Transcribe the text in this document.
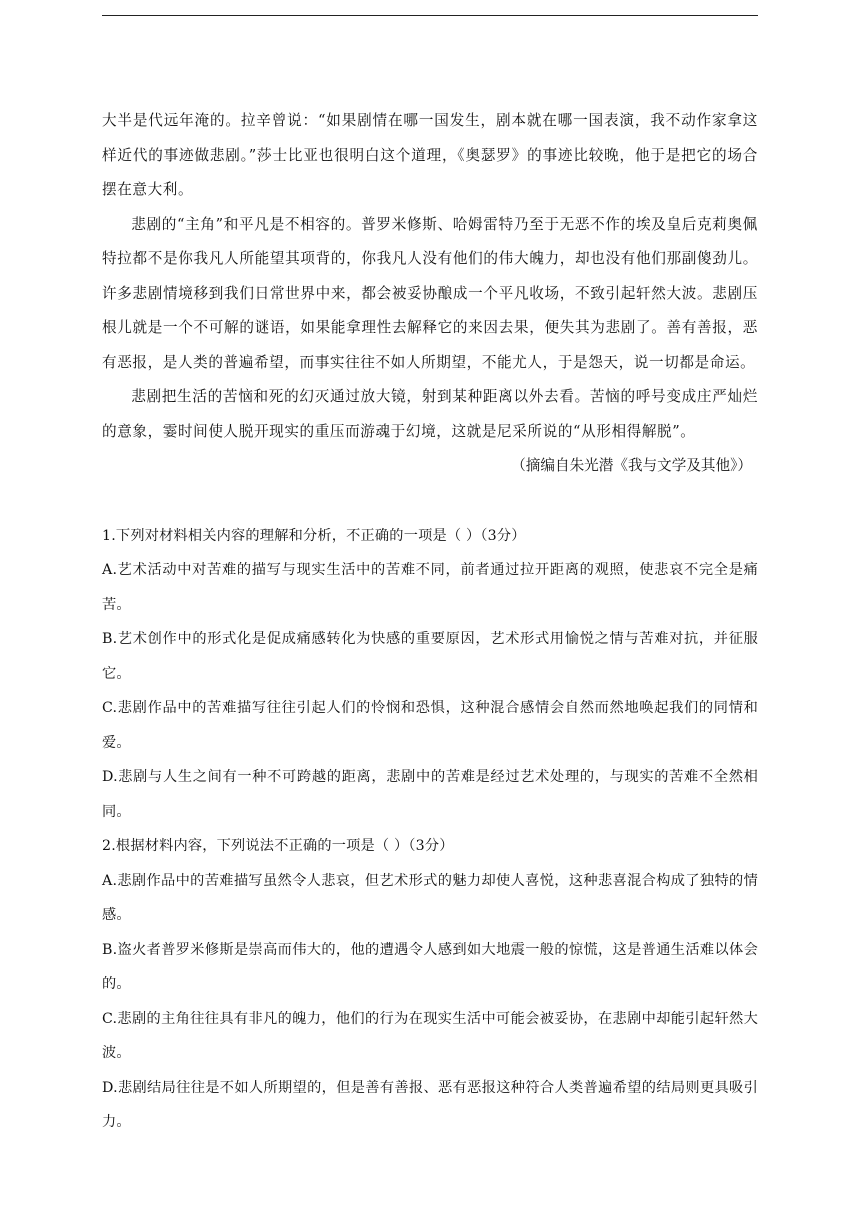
大半是代远年淹的。拉辛曾说：“如果剧情在哪一国发生，剧本就在哪一国表演，我不动作家拿这样近代的事迹做悲剧。”莎士比亚也很明白这个道理，《奥瑟罗》的事迹比较晚，他于是把它的场合摆在意大利。

悲剧的“主角”和平凡是不相容的。普罗米修斯、哈姆雷特乃至于无恶不作的埃及皇后克莉奥佩特拉都不是你我凡人所能望其项背的，你我凡人没有他们的伟大魄力，却也没有他们那副傻劲儿。许多悲剧情境移到我们日常世界中来，都会被妥协酿成一个平凡收场，不致引起轩然大波。悲剧压根儿就是一个不可解的谜语，如果能拿理性去解释它的来因去果，便失其为悲剧了。善有善报，恶有恶报，是人类的普遍希望，而事实往往不如人所期望，不能尤人，于是怨天，说一切都是命运。

悲剧把生活的苦恼和死的幻灭通过放大镜，射到某种距离以外去看。苦恼的呼号变成庄严灿烂的意象，霎时间使人脱开现实的重压而游魂于幻境，这就是尼采所说的“从形相得解脱”。

（摘编自朱光潜《我与文学及其他》）

1.下列对材料相关内容的理解和分析，不正确的一项是（ ）（3分）

A.艺术活动中对苦难的描写与现实生活中的苦难不同，前者通过拉开距离的观照，使悲哀不完全是痛苦。

B.艺术创作中的形式化是促成痛感转化为快感的重要原因，艺术形式用愉悦之情与苦难对抗，并征服它。

C.悲剧作品中的苦难描写往往引起人们的怜悯和恐惧，这种混合感情会自然而然地唤起我们的同情和爱。

D.悲剧与人生之间有一种不可跨越的距离，悲剧中的苦难是经过艺术处理的，与现实的苦难不全然相同。

2.根据材料内容，下列说法不正确的一项是（ ）（3分）

A.悲剧作品中的苦难描写虽然令人悲哀，但艺术形式的魅力却使人喜悦，这种悲喜混合构成了独特的情感。

B.盗火者普罗米修斯是崇高而伟大的，他的遭遇令人感到如大地震一般的惊慌，这是普通生活难以体会的。

C.悲剧的主角往往具有非凡的魄力，他们的行为在现实生活中可能会被妥协，在悲剧中却能引起轩然大波。

D.悲剧结局往往是不如人所期望的，但是善有善报、恶有恶报这种符合人类普遍希望的结局则更具吸引力。
